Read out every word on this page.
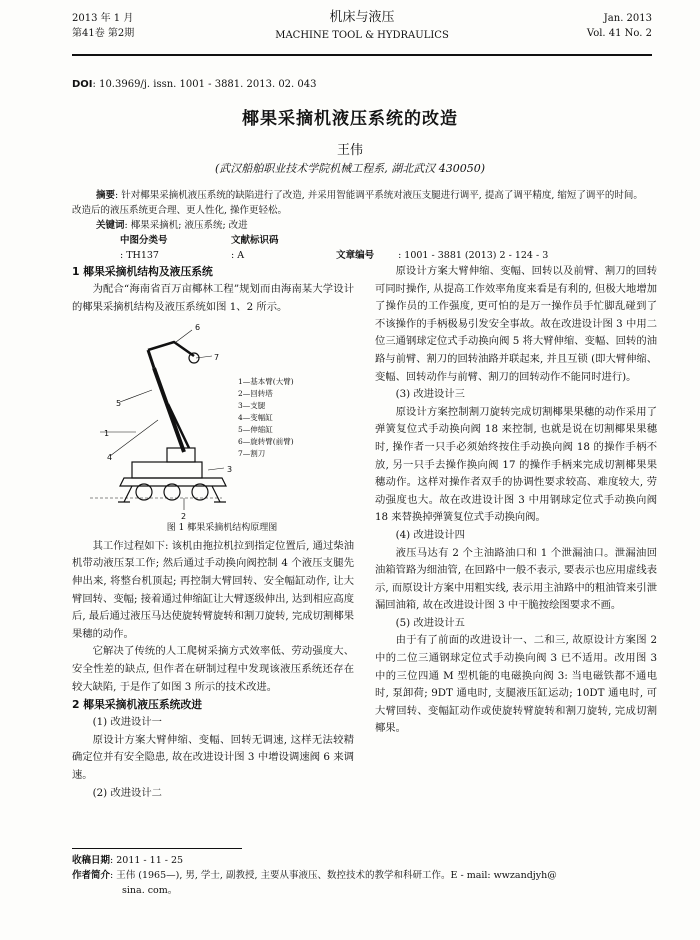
2013 年 1 月
第41卷 第2期
机床与液压
MACHINE TOOL & HYDRAULICS
Jan. 2013
Vol. 41 No. 2
DOI: 10.3969/j. issn. 1001 - 3881. 2013. 02. 043
椰果采摘机液压系统的改造
王伟
(武汉船舶职业技术学院机械工程系, 湖北武汉 430050)

摘要: 针对椰果采摘机液压系统的缺陷进行了改造, 并采用智能调平系统对液压支腿进行调平, 提高了调平精度, 缩短了调平的时间。改造后的液压系统更合理、更人性化, 操作更轻松。

关键词: 椰果采摘机; 液压系统; 改进

中图分类号: TH137 文献标识码: A	文章编号	: 1001 - 3881 (2013) 2 - 124 - 3

1 椰果采摘机结构及液压系统

为配合“海南省百万亩椰林工程”规划而由海南某大学设计的椰果采摘机结构及液压系统如图 1、2 所示。

1
2
3
4
5
6
7
1—基本臂(大臂)
2—回转塔
3—支腿
4—变幅缸
5—伸缩缸
6—旋转臂(前臂)
7—割刀

图 1 椰果采摘机结构原理图

其工作过程如下: 该机由拖拉机拉到指定位置后, 通过柴油机带动液压泵工作; 然后通过手动换向阀控制 4 个液压支腿先伸出来, 将整台机顶起; 再控制大臂回转、安全幅缸动作, 让大臂回转、变幅; 接着通过伸缩缸让大臂逐级伸出, 达到相应高度后, 最后通过液压马达使旋转臂旋转和割刀旋转, 完成切割椰果果穗的动作。

它解决了传统的人工爬树采摘方式效率低、劳动强度大、安全性差的缺点, 但作者在研制过程中发现该液压系统还存在较大缺陷, 于是作了如图 3 所示的技术改进。

2 椰果采摘机液压系统改进

(1) 改进设计一

原设计方案大臂伸缩、变幅、回转无调速, 这样无法较精确定位并有安全隐患, 故在改进设计图 3 中增设调速阀 6 来调速。

(2) 改进设计二

原设计方案大臂伸缩、变幅、回转以及前臂、割刀的回转可同时操作, 从提高工作效率角度来看是有利的, 但极大地增加了操作员的工作强度, 更可怕的是万一操作员手忙脚乱碰到了不该操作的手柄极易引发安全事故。故在改进设计图 3 中用二位三通钢球定位式手动换向阀 5 将大臂伸缩、变幅、回转的油路与前臂、割刀的回转油路并联起来, 并且互锁 (即大臂伸缩、变幅、回转动作与前臂、割刀的回转动作不能同时进行)。

(3) 改进设计三

原设计方案控制割刀旋转完成切割椰果果穗的动作采用了弹簧复位式手动换向阀 18 来控制, 也就是说在切割椰果果穗时, 操作者一只手必须始终按住手动换向阀 18 的操作手柄不放, 另一只手去操作换向阀 17 的操作手柄来完成切割椰果果穗动作。这样对操作者双手的协调性要求较高、难度较大, 劳动强度也大。故在改进设计图 3 中用钢球定位式手动换向阀 18 来替换掉弹簧复位式手动换向阀。

(4) 改进设计四

液压马达有 2 个主油路油口和 1 个泄漏油口。泄漏油回油箱管路为细油管, 在回路中一般不表示, 要表示也应用虚线表示, 而原设计方案中用粗实线, 表示用主油路中的粗油管来引泄漏回油箱, 故在改进设计图 3 中干脆按绘图要求不画。

(5) 改进设计五

由于有了前面的改进设计一、二和三, 故原设计方案图 2 中的二位三通钢球定位式手动换向阀 3 已不适用。改用图 3 中的三位四通 M 型机能的电磁换向阀 3: 当电磁铁都不通电时, 泵卸荷; 9DT 通电时, 支腿液压缸运动; 10DT 通电时, 可大臂回转、变幅缸动作或使旋转臂旋转和割刀旋转, 完成切割椰果。

收稿日期: 2011 - 11 - 25

作者简介: 王伟 (1965—), 男, 学士, 副教授, 主要从事液压、数控技术的教学和科研工作。E - mail: wwzandjyh@

sina. com。
